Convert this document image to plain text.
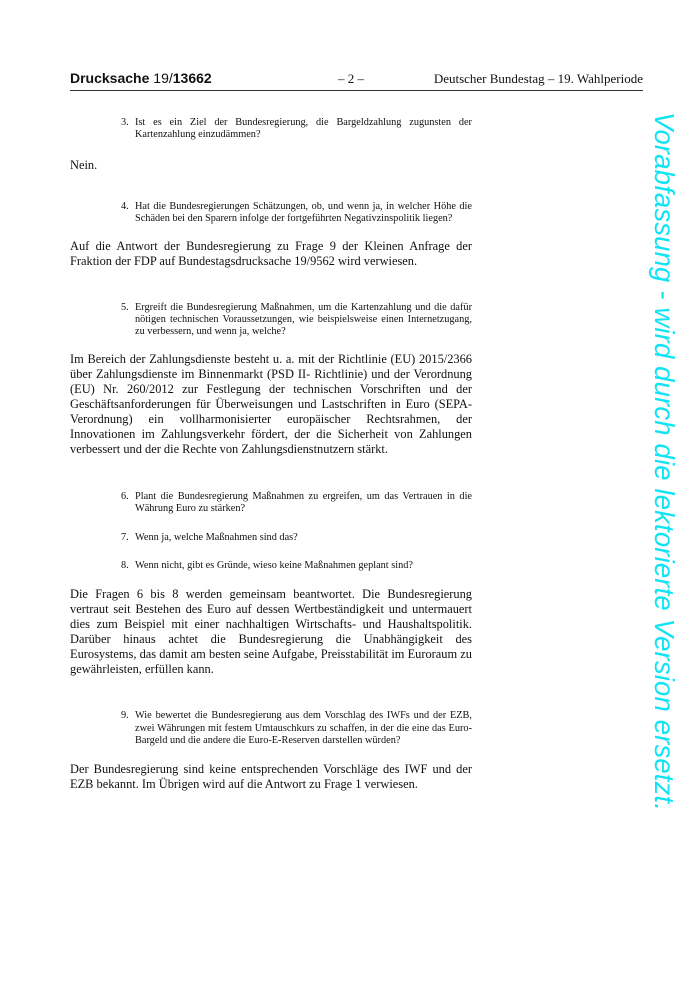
Drucksache 19/13662	– 2 –	Deutscher Bundestag – 19. Wahlperiode
3. Ist es ein Ziel der Bundesregierung, die Bargeldzahlung zugunsten der Kartenzahlung einzudämmen?
Nein.
4. Hat die Bundesregierungen Schätzungen, ob, und wenn ja, in welcher Höhe die Schäden bei den Sparern infolge der fortgeführten Negativzinspolitik liegen?
Auf die Antwort der Bundesregierung zu Frage 9 der Kleinen Anfrage der Fraktion der FDP auf Bundestagsdrucksache 19/9562 wird verwiesen.
5. Ergreift die Bundesregierung Maßnahmen, um die Kartenzahlung und die dafür nötigen technischen Voraussetzungen, wie beispielsweise einen Internetzugang, zu verbessern, und wenn ja, welche?
Im Bereich der Zahlungsdienste besteht u. a. mit der Richtlinie (EU) 2015/2366 über Zahlungsdienste im Binnenmarkt (PSD II- Richtlinie) und der Verordnung (EU) Nr. 260/2012 zur Festlegung der technischen Vorschriften und der Geschäftsanforderungen für Überweisungen und Lastschriften in Euro (SEPA-Verordnung) ein vollharmonisierter europäischer Rechtsrahmen, der Innovationen im Zahlungsverkehr fördert, der die Sicherheit von Zahlungen verbessert und der die Rechte von Zahlungsdienstnutzern stärkt.
6. Plant die Bundesregierung Maßnahmen zu ergreifen, um das Vertrauen in die Währung Euro zu stärken?
7. Wenn ja, welche Maßnahmen sind das?
8. Wenn nicht, gibt es Gründe, wieso keine Maßnahmen geplant sind?
Die Fragen 6 bis 8 werden gemeinsam beantwortet. Die Bundesregierung vertraut seit Bestehen des Euro auf dessen Wertbeständigkeit und untermauert dies zum Beispiel mit einer nachhaltigen Wirtschafts- und Haushaltspolitik. Darüber hinaus achtet die Bundesregierung die Unabhängigkeit des Eurosystems, das damit am besten seine Aufgabe, Preisstabilität im Euroraum zu gewährleisten, erfüllen kann.
9. Wie bewertet die Bundesregierung aus dem Vorschlag des IWFs und der EZB, zwei Währungen mit festem Umtauschkurs zu schaffen, in der die eine das Euro-Bargeld und die andere die Euro-E-Reserven darstellen würden?
Der Bundesregierung sind keine entsprechenden Vorschläge des IWF und der EZB bekannt. Im Übrigen wird auf die Antwort zu Frage 1 verwiesen.	Vorabfassung - wird durch die lektorierte Version ersetzt.
